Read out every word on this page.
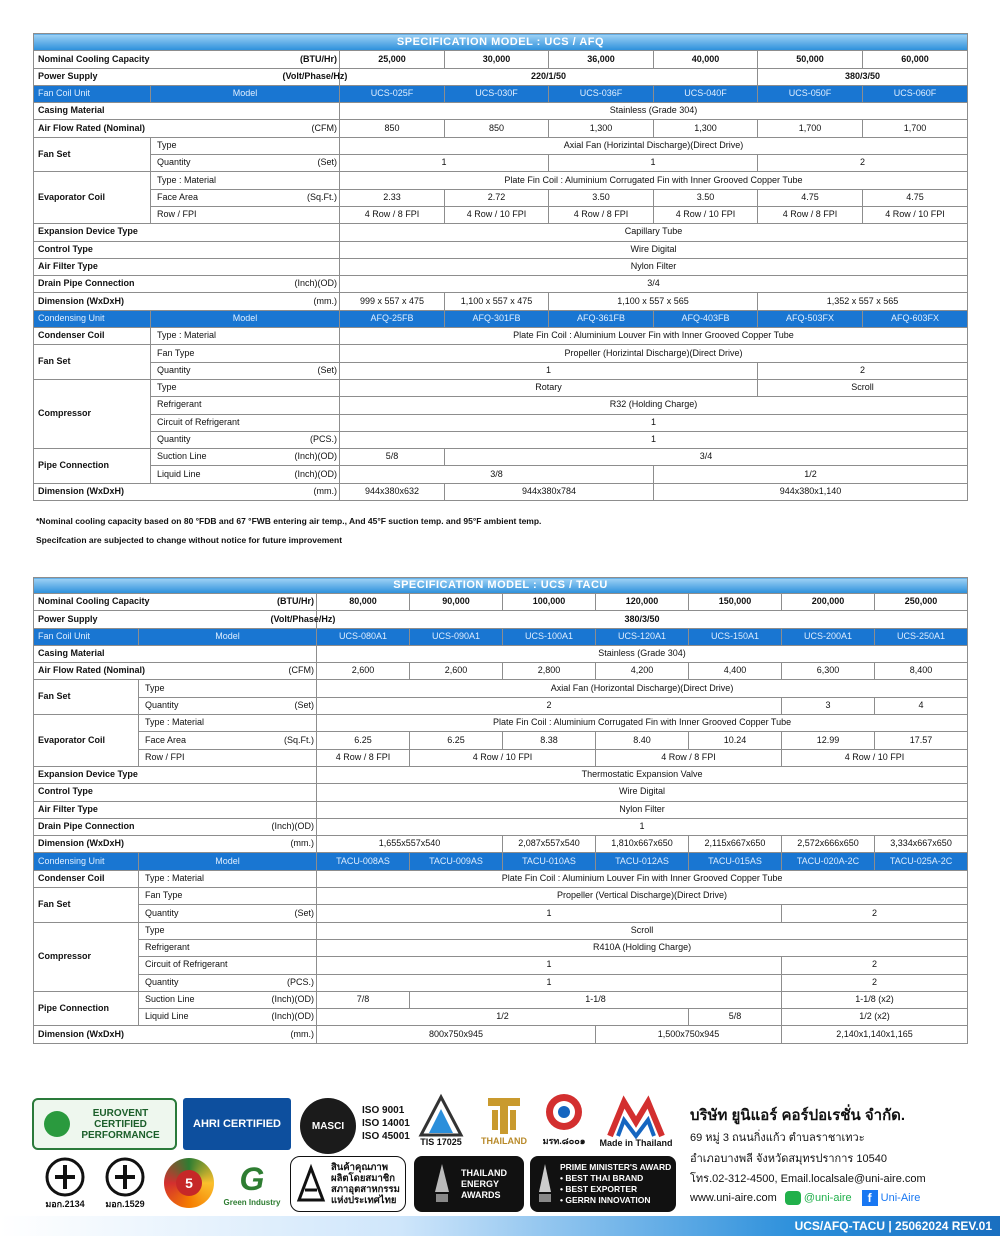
SPECIFICATION MODEL : UCS / AFQ								
Nominal Cooling Capacity		(BTU/Hr)	25,000	30,000	36,000	40,000	50,000	60,000
Power Supply		(Volt/Phase/Hz)	220/1/50				380/3/50	
Fan Coil Unit	Model		UCS-025F	UCS-030F	UCS-036F	UCS-040F	UCS-050F	UCS-060F
Casing Material			Stainless (Grade 304)					
Air Flow Rated (Nominal)		(CFM)	850	850	1,300	1,300	1,700	1,700
Fan Set	Type		Axial Fan (Horizintal Discharge)(Direct Drive)					
	Quantity	(Set)	1		1		2	
Evaporator Coil	Type : Material		Plate Fin Coil : Aluminium Corrugated Fin with Inner Grooved Copper Tube					
	Face Area	(Sq.Ft.)	2.33	2.72	3.50	3.50	4.75	4.75
	Row / FPI		4 Row / 8 FPI	4 Row / 10 FPI	4 Row / 8 FPI	4 Row / 10 FPI	4 Row / 8 FPI	4 Row / 10 FPI
Expansion Device Type			Capillary Tube					
Control Type			Wire Digital					
Air Filter Type			Nylon Filter					
Drain Pipe Connection		(Inch)(OD)	3/4					
Dimension (WxDxH)		(mm.)	999 x 557 x 475	1,100 x 557 x 475	1,100 x 557 x 565		1,352 x 557 x 565	
Condensing Unit	Model		AFQ-25FB	AFQ-301FB	AFQ-361FB	AFQ-403FB	AFQ-503FX	AFQ-603FX
Condenser Coil	Type : Material		Plate Fin Coil : Aluminium Louver Fin with Inner Grooved Copper Tube					
Fan Set	Fan Type		Propeller (Horizintal Discharge)(Direct Drive)					
	Quantity	(Set)	1				2	
Compressor	Type		Rotary				Scroll	
	Refrigerant		R32 (Holding Charge)					
	Circuit of Refrigerant		1					
	Quantity	(PCS.)	1					
Pipe Connection	Suction Line	(Inch)(OD)	5/8	3/4				
	Liquid Line	(Inch)(OD)	3/8			1/2		
Dimension (WxDxH)		(mm.)	944x380x632	944x380x784		944x380x1,140		
*Nominal cooling capacity based on 80 °FDB and 67 °FWB entering air temp., And 45°F suction temp. and 95°F ambient temp.
Specifcation are subjected to change without notice for future improvement
SPECIFICATION MODEL : UCS / TACU									
Nominal Cooling Capacity		(BTU/Hr)	80,000	90,000	100,000	120,000	150,000	200,000	250,000
Power Supply		(Volt/Phase/Hz)	380/3/50						
Fan Coil Unit	Model		UCS-080A1	UCS-090A1	UCS-100A1	UCS-120A1	UCS-150A1	UCS-200A1	UCS-250A1
Casing Material			Stainless (Grade 304)						
Air Flow Rated (Nominal)		(CFM)	2,600	2,600	2,800	4,200	4,400	6,300	8,400
Fan Set	Type		Axial Fan (Horizontal Discharge)(Direct Drive)						
	Quantity	(Set)	2					3	4
Evaporator Coil	Type : Material		Plate Fin Coil : Aluminium Corrugated Fin with Inner Grooved Copper Tube						
	Face Area	(Sq.Ft.)	6.25	6.25	8.38	8.40	10.24	12.99	17.57
	Row / FPI		4 Row / 8 FPI	4 Row / 10 FPI		4 Row / 8 FPI		4 Row / 10 FPI	
Expansion Device Type			Thermostatic Expansion Valve						
Control Type			Wire Digital						
Air Filter Type			Nylon Filter						
Drain Pipe Connection		(Inch)(OD)	1						
Dimension (WxDxH)		(mm.)	1,655x557x540		2,087x557x540	1,810x667x650	2,115x667x650	2,572x666x650	3,334x667x650
Condensing Unit	Model		TACU-008AS	TACU-009AS	TACU-010AS	TACU-012AS	TACU-015AS	TACU-020A-2C	TACU-025A-2C
Condenser Coil	Type : Material		Plate Fin Coil : Aluminium Louver Fin with Inner Grooved Copper Tube						
Fan Set	Fan Type		Propeller (Vertical Discharge)(Direct Drive)						
	Quantity	(Set)	1					2	
Compressor	Type		Scroll						
	Refrigerant		R410A (Holding Charge)						
	Circuit of Refrigerant		1					2	
	Quantity	(PCS.)	1					2	
Pipe Connection	Suction Line	(Inch)(OD)	7/8	1-1/8				1-1/8 (x2)	
	Liquid Line	(Inch)(OD)	1/2				5/8	1/2 (x2)	
Dimension (WxDxH)		(mm.)	800x750x945			1,500x750x945		2,140x1,140x1,165	
EUROVENT CERTIFIED PERFORMANCE
AHRI CERTIFIED	MASCI
ISO 9001
ISO 14001
ISO 45001 TIS 17025 THAILAND มรท.๘๐๐๑ Made in Thailand
มอก.2134 มอก.1529
5 G
Green Industry
สินค้าคุณภาพ
ผลิตโดยสมาชิก
สภาอุตสาหกรรม
แห่งประเทศไทย
THAILAND
ENERGY
AWARDS
PRIME MINISTER'S AWARD
• BEST THAI BRAND
• BEST EXPORTER
• GERRN INNOVATION
บริษัท ยูนิแอร์ คอร์ปอเรชั่น จำกัด.
69 หมู่ 3 ถนนกิ่งแก้ว ตำบลราชาเทวะ
อำเภอบางพลี จังหวัดสมุทรปราการ 10540
โทร.02-312-4500, Email.localsale@uni-aire.com
www.uni-aire.com @uni-aire	f Uni-Aire
UCS/AFQ-TACU | 25062024 REV.01
